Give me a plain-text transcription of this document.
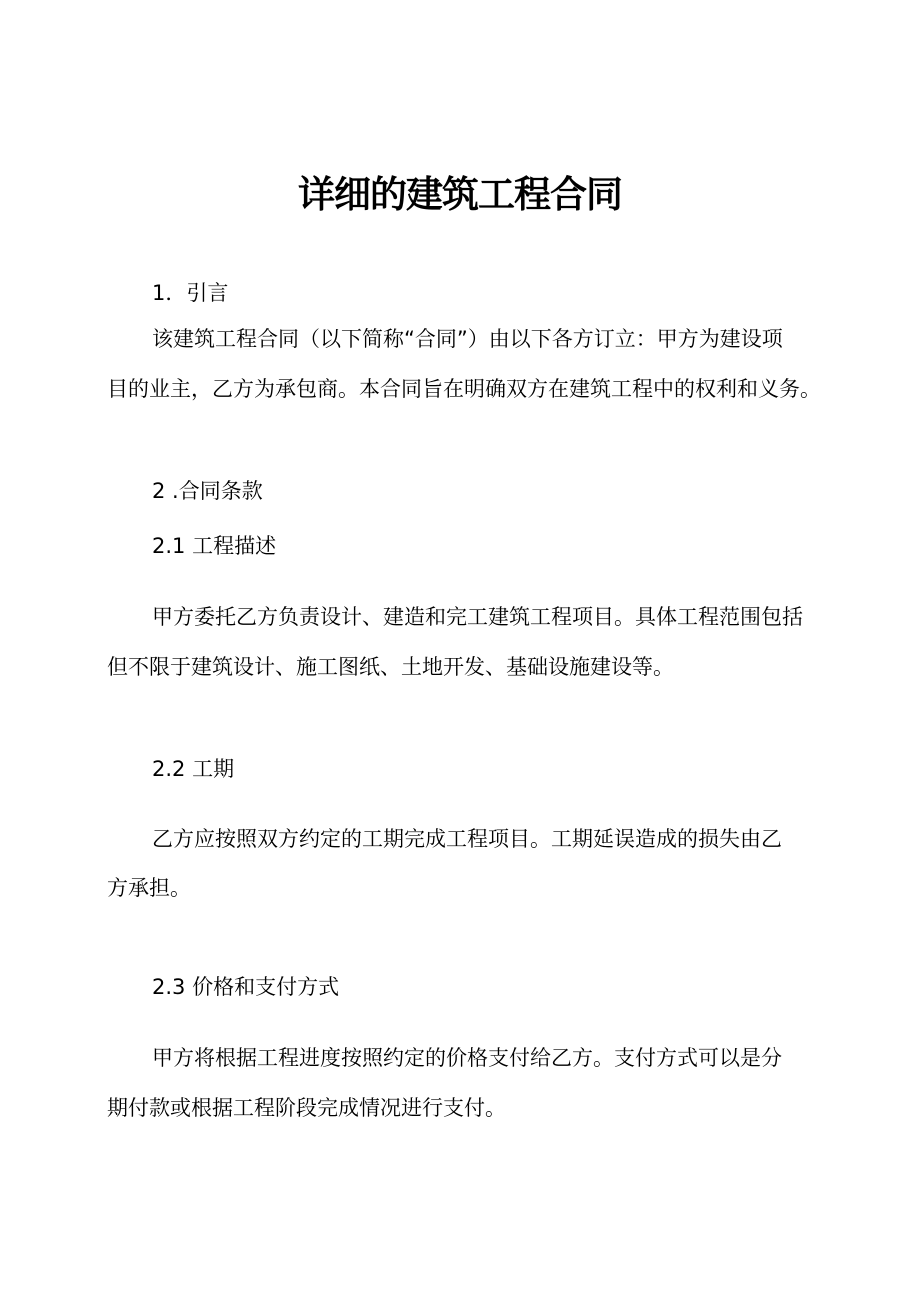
详细的建筑工程合同
1．引言
该建筑工程合同（以下简称“合同”）由以下各方订立：甲方为建设项
目的业主，乙方为承包商。本合同旨在明确双方在建筑工程中的权利和义务。
2 .合同条款
2.1 工程描述
甲方委托乙方负责设计、建造和完工建筑工程项目。具体工程范围包括
但不限于建筑设计、施工图纸、土地开发、基础设施建设等。
2.2 工期
乙方应按照双方约定的工期完成工程项目。工期延误造成的损失由乙
方承担。
2.3 价格和支付方式
甲方将根据工程进度按照约定的价格支付给乙方。支付方式可以是分
期付款或根据工程阶段完成情况进行支付。
